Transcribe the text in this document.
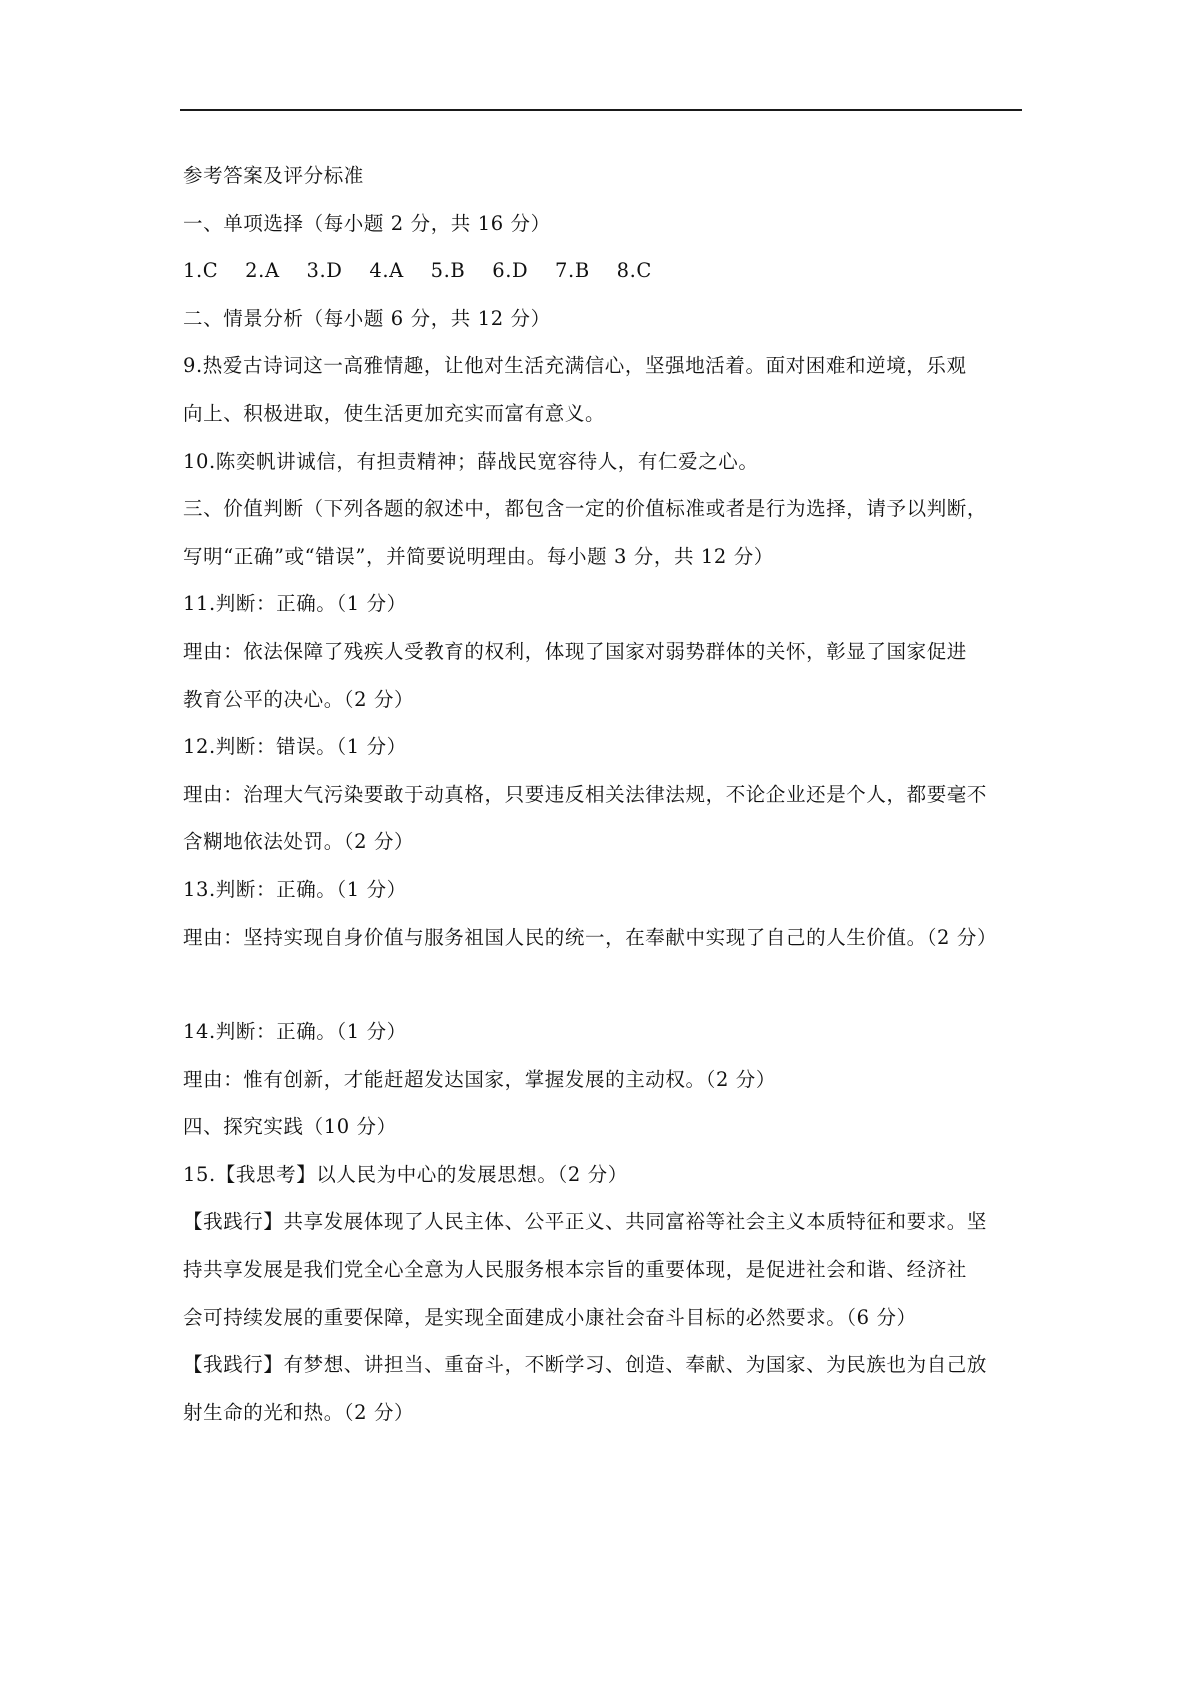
参考答案及评分标准
一、单项选择（每小题 2 分，共 16 分）
1.C 2.A 3.D 4.A 5.B 6.D 7.B 8.C
二、情景分析（每小题 6 分，共 12 分）
9.热爱古诗词这一高雅情趣，让他对生活充满信心，坚强地活着。面对困难和逆境，乐观
向上、积极进取，使生活更加充实而富有意义。
10.陈奕帆讲诚信，有担责精神；薛战民宽容待人，有仁爱之心。
三、价值判断（下列各题的叙述中，都包含一定的价值标准或者是行为选择，请予以判断，
写明“正确”或“错误”，并简要说明理由。每小题 3 分，共 12 分）
11.判断：正确。（1 分）
理由：依法保障了残疾人受教育的权利，体现了国家对弱势群体的关怀，彰显了国家促进
教育公平的决心。（2 分）
12.判断：错误。（1 分）
理由：治理大气污染要敢于动真格，只要违反相关法律法规，不论企业还是个人，都要毫不
含糊地依法处罚。（2 分）
13.判断：正确。（1 分）
理由：坚持实现自身价值与服务祖国人民的统一，在奉献中实现了自己的人生价值。（2 分）
14.判断：正确。（1 分）
理由：惟有创新，才能赶超发达国家，掌握发展的主动权。（2 分）
四、探究实践（10 分）
15.【我思考】以人民为中心的发展思想。（2 分）
【我践行】共享发展体现了人民主体、公平正义、共同富裕等社会主义本质特征和要求。坚
持共享发展是我们党全心全意为人民服务根本宗旨的重要体现，是促进社会和谐、经济社
会可持续发展的重要保障，是实现全面建成小康社会奋斗目标的必然要求。（6 分）
【我践行】有梦想、讲担当、重奋斗，不断学习、创造、奉献、为国家、为民族也为自己放
射生命的光和热。（2 分）
